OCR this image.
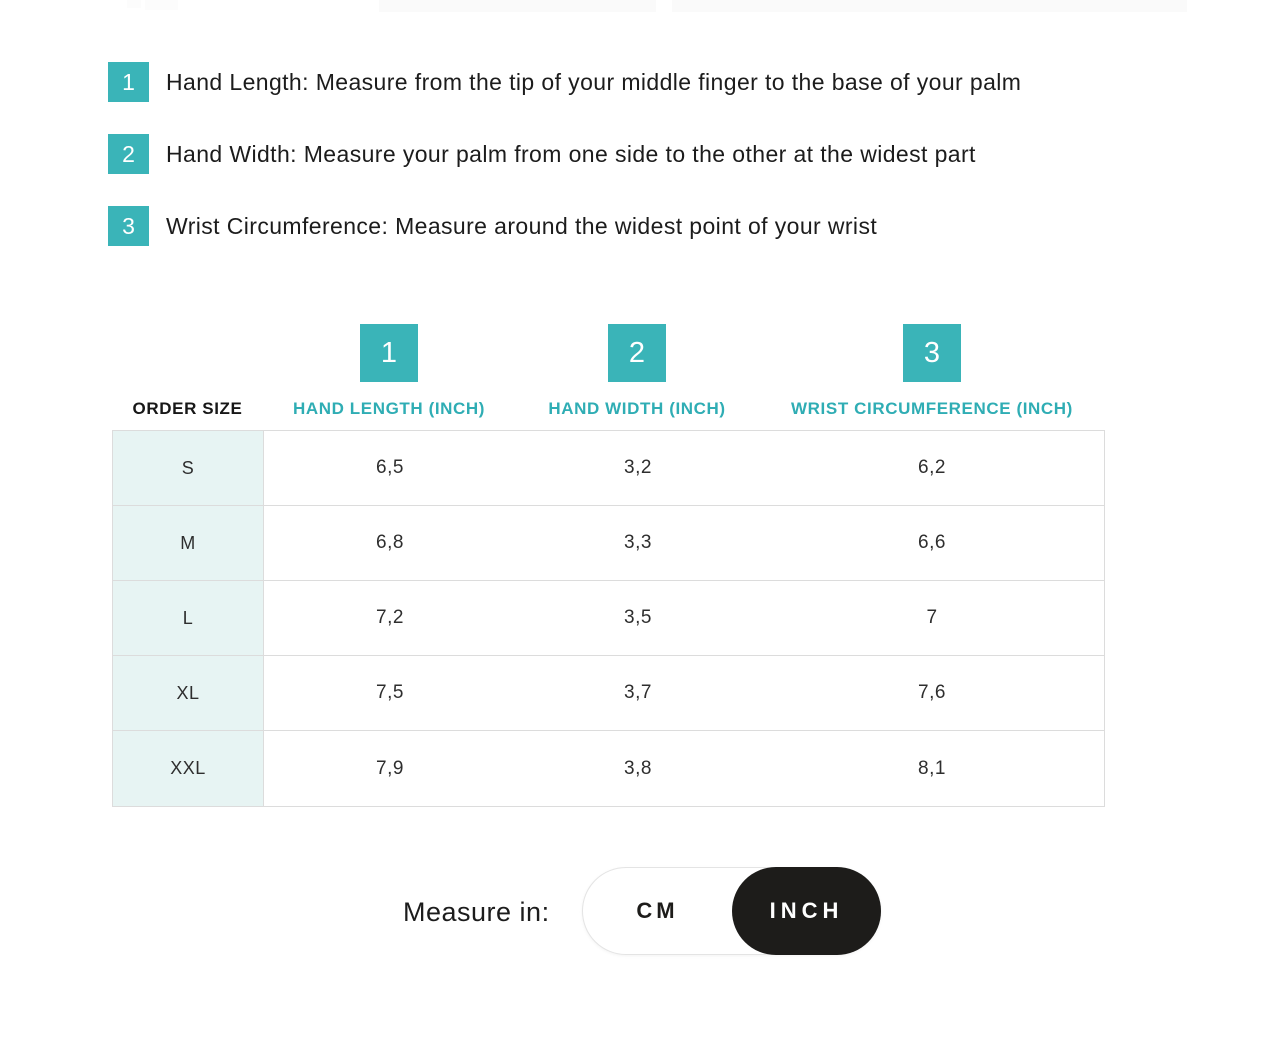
1	Hand Length: Measure from the tip of your middle finger to the base of your palm
2	Hand Width: Measure your palm from one side to the other at the widest part
3	Wrist Circumference: Measure around the widest point of your wrist
1	2	3
ORDER SIZE	HAND LENGTH (INCH)	HAND WIDTH (INCH)	WRIST CIRCUMFERENCE (INCH)
S	6,5	3,2	6,2
M	6,8	3,3	6,6
L	7,2	3,5	7
XL	7,5	3,7	7,6
XXL	7,9	3,8	8,1
Measure in:	CM	INCH
